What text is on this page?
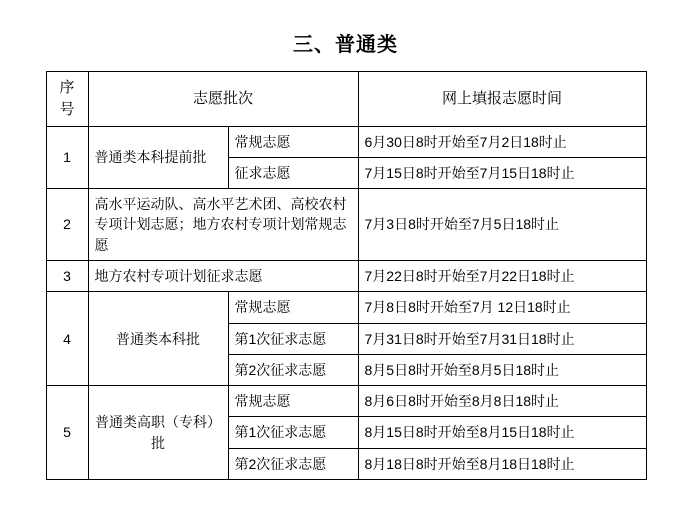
三、普通类
序号	志愿批次		网上填报志愿时间
1	普通类本科提前批	常规志愿	6月30日8时开始至7月2日18时止
		征求志愿	7月15日8时开始至7月15日18时止
2	高水平运动队、高水平艺术团、高校农村专项计划志愿；地方农村专项计划常规志愿		7月3日8时开始至7月5日18时止
3	地方农村专项计划征求志愿		7月22日8时开始至7月22日18时止
4	普通类本科批	常规志愿	7月8日8时开始至7月 12日18时止
		第1次征求志愿	7月31日8时开始至7月31日18时止
		第2次征求志愿	8月5日8时开始至8月5日18时止
5	普通类高职（专科）批	常规志愿	8月6日8时开始至8月8日18时止
		第1次征求志愿	8月15日8时开始至8月15日18时止
		第2次征求志愿	8月18日8时开始至8月18日18时止
